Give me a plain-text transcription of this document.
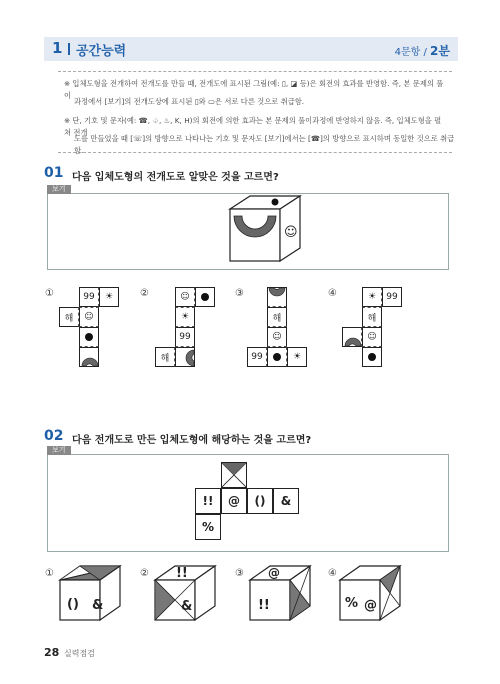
1 공간능력	4문항 / 2분
※ 입체도형을 전개하여 전개도를 만들 때, 전개도에 표시된 그림(예: ▯, ◪ 등)은 회전의 효과를 반영함. 즉, 본 문제의 풀이
과정에서 [보기]의 전개도상에 표시된 ▯와 ▭은 서로 다른 것으로 취급함.
※ 단, 기호 및 문자(예: ☎, ♤, ♨, K, H)의 회전에 의한 효과는 본 문제의 풀이과정에 반영하지 않음. 즉, 입체도형을 펼쳐 전개
도를 만들었을 때 [☏]의 방향으로 나타나는 기호 및 문자도 [보기]에서는 [☎]의 방향으로 표시하며 동일한 것으로 취급함.
01 다음 입체도형의 전개도로 알맞은 것을 고르면?
보기
☺
①	②	③	④
99	☀
해	☺
☺
☀
99
해
해
☺
99	☀
☀	99
해
☺
02 다음 전개도로 만든 입체도형에 해당하는 것을 고르면?
보기
!!	@	()	&
%
①	②	③	④
() &
!!
&
@
!!	% @
28 실력점검
